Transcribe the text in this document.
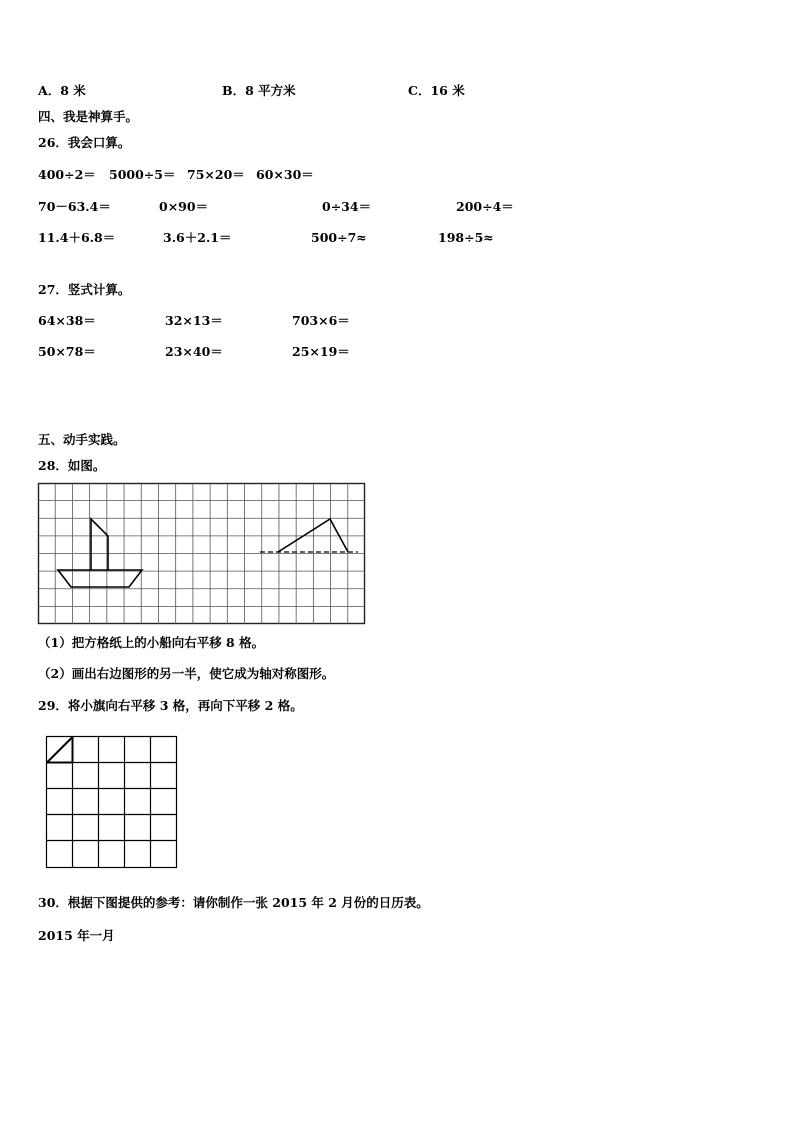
A．8 米	B．8 平方米	C．16 米
四、我是神算手。
26．我会口算。
400÷2＝ 5000÷5＝ 75×20＝ 60×30＝
70－63.4＝	0×90＝	0÷34＝	200÷4＝
11.4＋6.8＝	3.6＋2.1＝	500÷7≈	198÷5≈
27．竖式计算。
64×38＝	32×13＝	703×6＝
50×78＝	23×40＝	25×19＝
五、动手实践。
28．如图。
（1）把方格纸上的小船向右平移 8 格。
（2）画出右边图形的另一半，使它成为轴对称图形。
29．将小旗向右平移 3 格，再向下平移 2 格。
30．根据下图提供的参考：请你制作一张 2015 年 2 月份的日历表。
2015 年一月
